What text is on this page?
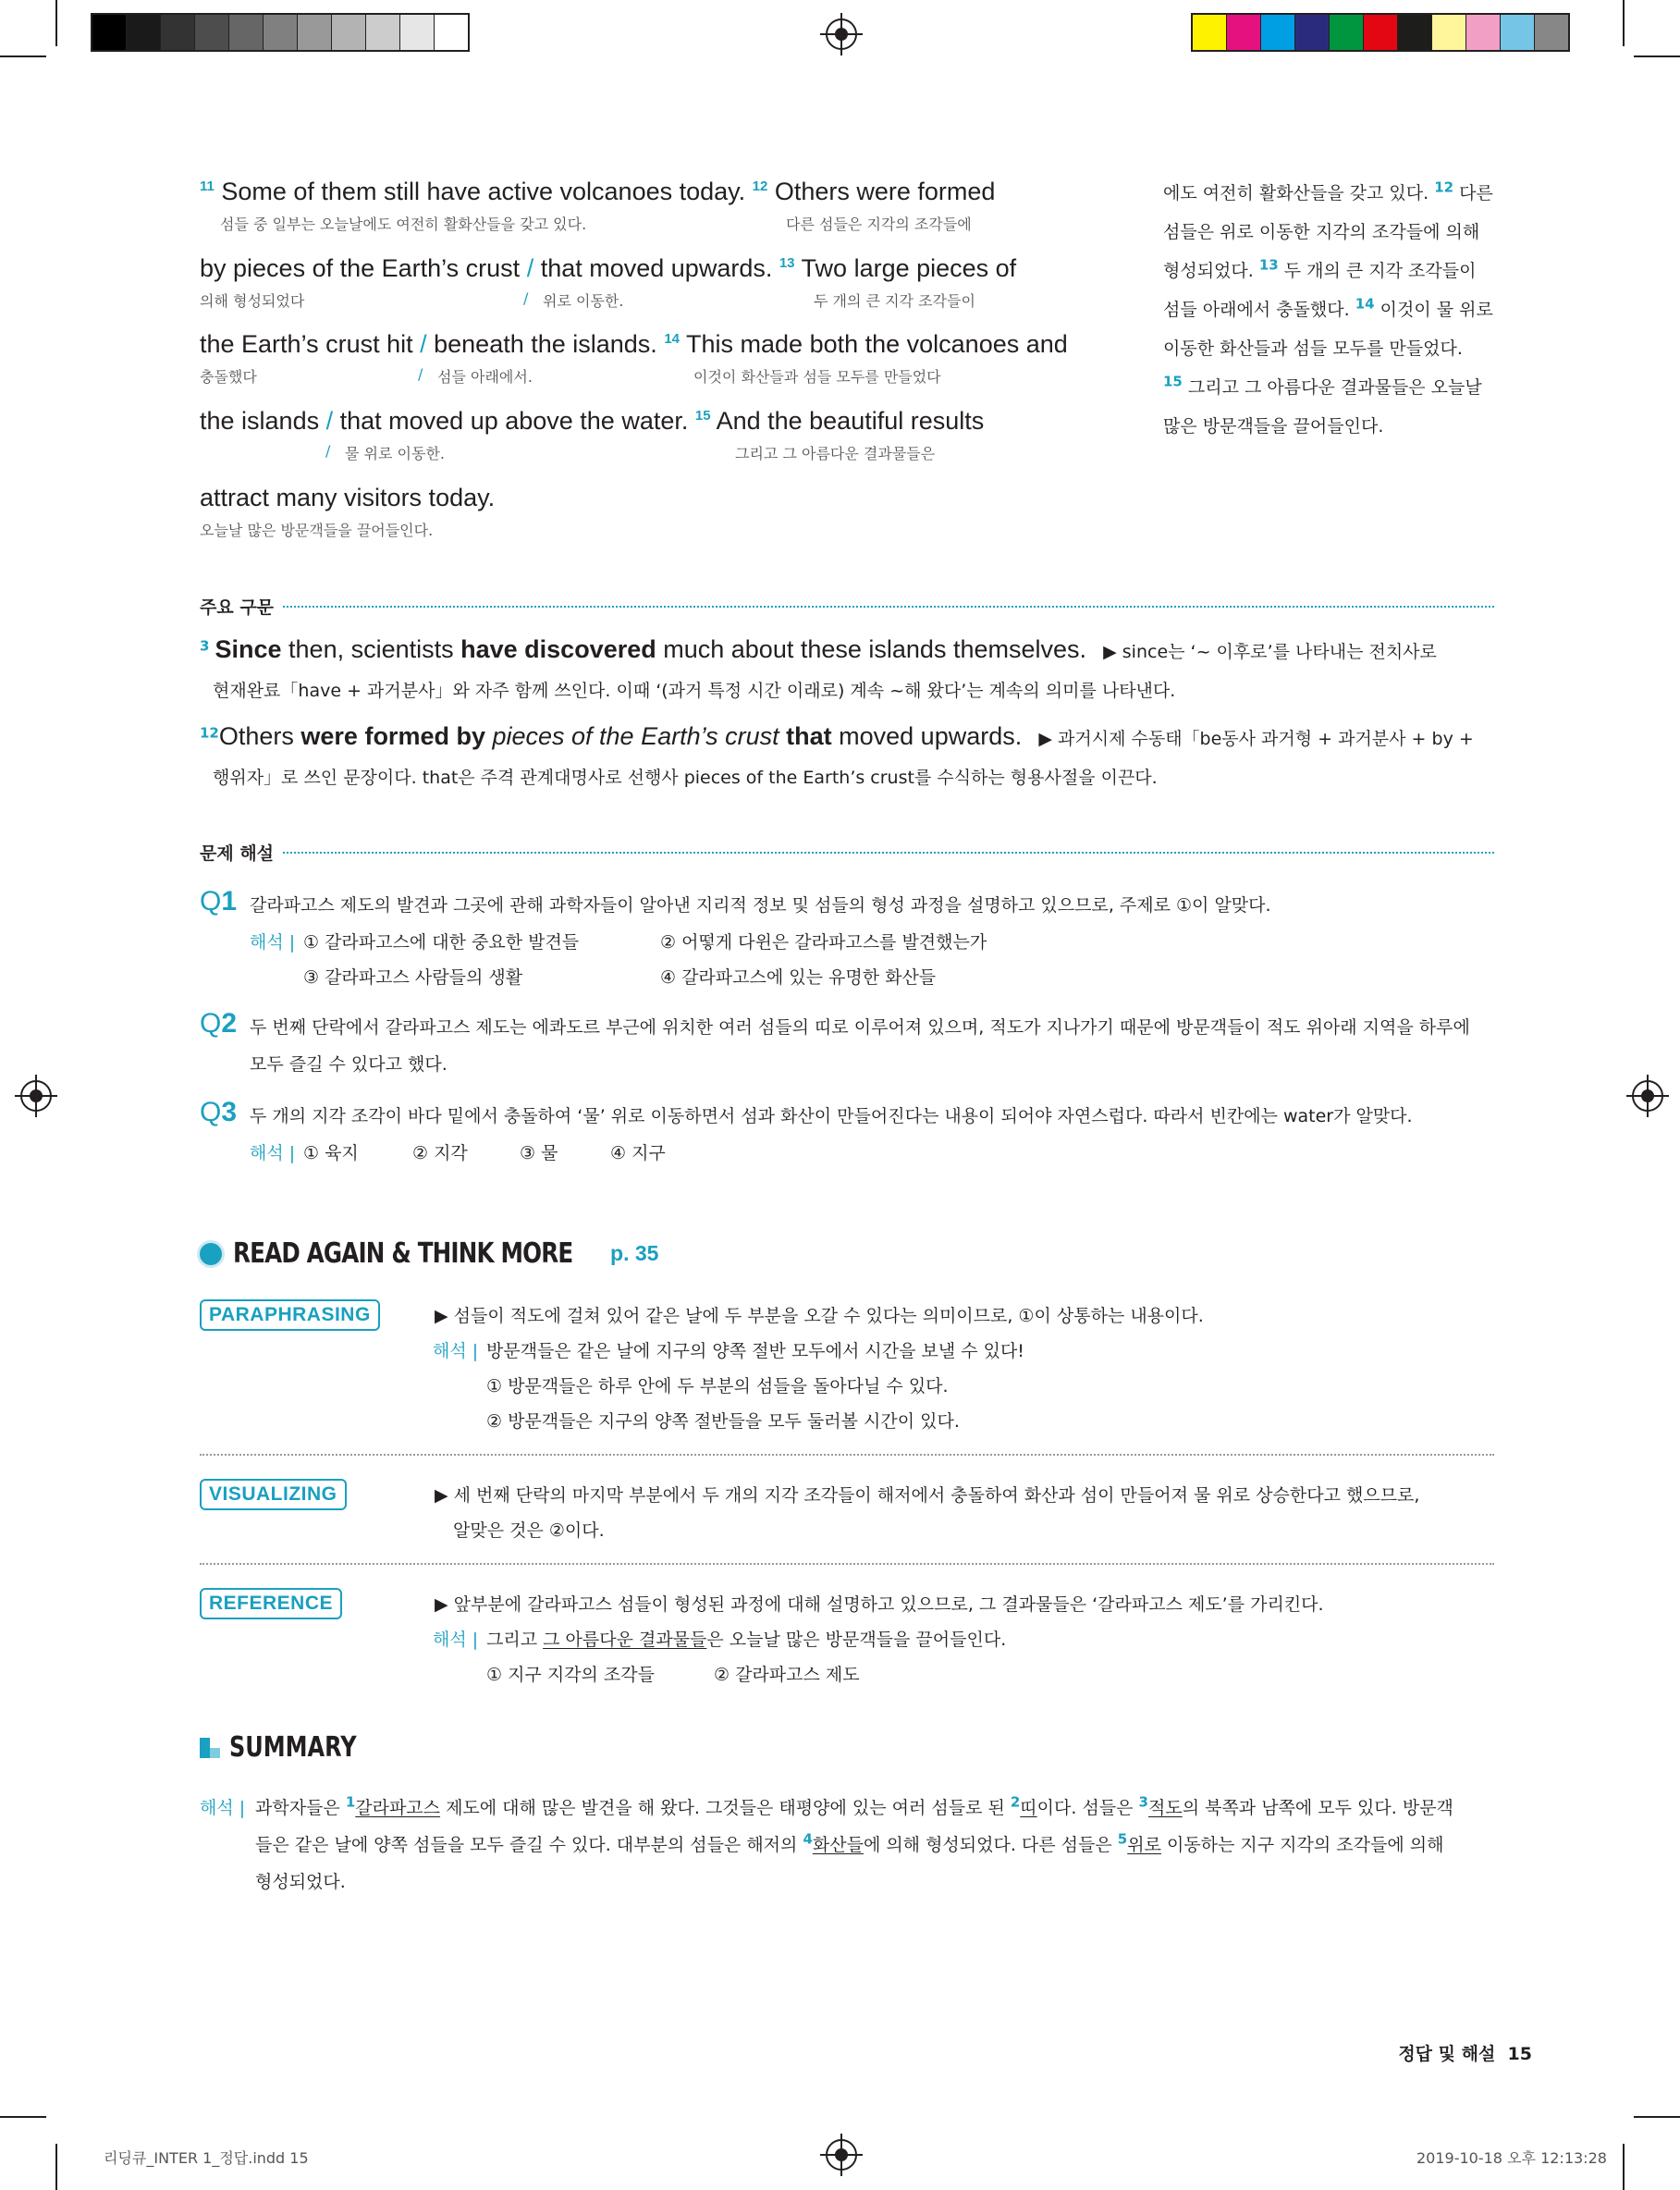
$^{11}$ Some of them still have active volcanoes today. $^{12}$ Others were formed
섬들 중 일부는 오늘날에도 여전히 활화산들을 갖고 있다.	다른 섬들은 지각의 조각들에
by pieces of the Earth’s crust / that moved upwards. $^{13}$ Two large pieces of
의해 형성되었다	/ 위로 이동한.	두 개의 큰 지각 조각들이
the Earth’s crust hit / beneath the islands. $^{14}$ This made both the volcanoes and
충돌했다	/ 섬들 아래에서.	이것이 화산들과 섬들 모두를 만들었다
the islands / that moved up above the water. $^{15}$ And the beautiful results
/ 물 위로 이동한.	그리고 그 아름다운 결과물들은
attract many visitors today.
오늘날 많은 방문객들을 끌어들인다.
에도 여전히 활화산들을 갖고 있다. $^{12}$ 다른
섬들은 위로 이동한 지각의 조각들에 의해
형성되었다. $^{13}$ 두 개의 큰 지각 조각들이
섬들 아래에서 충돌했다. $^{14}$ 이것이 물 위로
이동한 화산들과 섬들 모두를 만들었다.
$^{15}$ 그리고 그 아름다운 결과물들은 오늘날
많은 방문객들을 끌어들인다.
주요 구문
$^3$ Since then, scientists have discovered much about these islands themselves. ▶ since는 ‘~ 이후로’를 나타내는 전치사로
현재완료「have + 과거분사」와 자주 함께 쓰인다. 이때 ‘(과거 특정 시간 이래로) 계속 ~해 왔다’는 계속의 의미를 나타낸다.
$^{12}$Others were formed by pieces of the Earth’s crust that moved upwards. ▶ 과거시제 수동태「be동사 과거형 + 과거분사 + by +
행위자」로 쓰인 문장이다. that은 주격 관계대명사로 선행사 pieces of the Earth’s crust를 수식하는 형용사절을 이끈다.
문제 해설
Q1 갈라파고스 제도의 발견과 그곳에 관해 과학자들이 알아낸 지리적 정보 및 섬들의 형성 과정을 설명하고 있으므로, 주제로 ①이 알맞다.
해석 | ① 갈라파고스에 대한 중요한 발견들	② 어떻게 다윈은 갈라파고스를 발견했는가
③ 갈라파고스 사람들의 생활	④ 갈라파고스에 있는 유명한 화산들
Q2 두 번째 단락에서 갈라파고스 제도는 에콰도르 부근에 위치한 여러 섬들의 띠로 이루어져 있으며, 적도가 지나가기 때문에 방문객들이 적도 위아래 지역을 하루에
모두 즐길 수 있다고 했다.
Q3 두 개의 지각 조각이 바다 밑에서 충돌하여 ‘물’ 위로 이동하면서 섬과 화산이 만들어진다는 내용이 되어야 자연스럽다. 따라서 빈칸에는 water가 알맞다.
해석 | ① 육지	② 지각	③ 물	④ 지구
READ AGAIN & THINK MORE p. 35
PARAPHRASING	▶ 섬들이 적도에 걸쳐 있어 같은 날에 두 부분을 오갈 수 있다는 의미이므로, ①이 상통하는 내용이다.
해석 | 방문객들은 같은 날에 지구의 양쪽 절반 모두에서 시간을 보낼 수 있다!
① 방문객들은 하루 안에 두 부분의 섬들을 돌아다닐 수 있다.
② 방문객들은 지구의 양쪽 절반들을 모두 둘러볼 시간이 있다.
VISUALIZING	▶ 세 번째 단락의 마지막 부분에서 두 개의 지각 조각들이 해저에서 충돌하여 화산과 섬이 만들어져 물 위로 상승한다고 했으므로,
알맞은 것은 ②이다.
REFERENCE	▶ 앞부분에 갈라파고스 섬들이 형성된 과정에 대해 설명하고 있으므로, 그 결과물들은 ‘갈라파고스 제도’를 가리킨다.
해석 | 그리고 그 아름다운 결과물들은 오늘날 많은 방문객들을 끌어들인다.
① 지구 지각의 조각들	② 갈라파고스 제도
SUMMARY
해석 | 과학자들은 $^1$갈라파고스 제도에 대해 많은 발견을 해 왔다. 그것들은 태평양에 있는 여러 섬들로 된 $^2$띠이다. 섬들은 $^3$적도의 북쪽과 남쪽에 모두 있다. 방문객
들은 같은 날에 양쪽 섬들을 모두 즐길 수 있다. 대부분의 섬들은 해저의 $^4$화산들에 의해 형성되었다. 다른 섬들은 $^5$위로 이동하는 지구 지각의 조각들에 의해
형성되었다.
정답 및 해설 15
리딩큐_INTER 1_정답.indd 15	2019-10-18 오후 12:13:28
